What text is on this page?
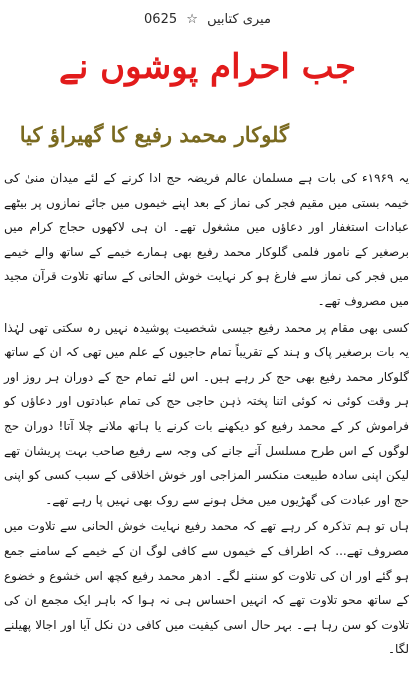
میری کتابیں ☆ 0625
جب احرام پوشوں نے
گلوکار محمد رفیع کا گھیراؤ کیا

یہ ۱۹۶۹ء کی بات ہے مسلمان عالم فریضہ حج ادا کرنے کے لئے میدان منیٰ کی خیمہ بستی میں مقیم فجر کی نماز کے بعد اپنے خیموں میں جائے نمازوں پر بیٹھے عبادات استغفار اور دعاؤں میں مشغول تھے۔ ان ہی لاکھوں حجاج کرام میں برصغیر کے نامور فلمی گلوکار محمد رفیع بھی ہمارے خیمے کے ساتھ والے خیمے میں فجر کی نماز سے فارغ ہو کر نہایت خوش الحانی کے ساتھ تلاوت قرآن مجید میں مصروف تھے۔

کسی بھی مقام پر محمد رفیع جیسی شخصیت پوشیدہ نہیں رہ سکتی تھی لہٰذا یہ بات برصغیر پاک و ہند کے تقریباً تمام حاجیوں کے علم میں تھی کہ ان کے ساتھ گلوکار محمد رفیع بھی حج کر رہے ہیں۔ اس لئے تمام حج کے دوران ہر روز اور ہر وقت کوئی نہ کوئی اتنا پختہ ذہن حاجی حج کی تمام عبادتوں اور دعاؤں کو فراموش کر کے محمد رفیع کو دیکھنے بات کرنے یا ہاتھ ملانے چلا آتا! دوران حج لوگوں کے اس طرح مسلسل آنے جانے کی وجہ سے رفیع صاحب بہت پریشان تھے لیکن اپنی سادہ طبیعت منکسر المزاجی اور خوش اخلاقی کے سبب کسی کو اپنی حج اور عبادت کی گھڑیوں میں مخل ہونے سے روک بھی نہیں پا رہے تھے۔

ہاں تو ہم تذکرہ کر رہے تھے کہ محمد رفیع نہایت خوش الحانی سے تلاوت میں مصروف تھے... کہ اطراف کے خیموں سے کافی لوگ ان کے خیمے کے سامنے جمع ہو گئے اور ان کی تلاوت کو سننے لگے۔ ادھر محمد رفیع کچھ اس خشوع و خضوع کے ساتھ محو تلاوت تھے کہ انہیں احساس ہی نہ ہوا کہ باہر ایک مجمع ان کی تلاوت کو سن رہا ہے۔ بہر حال اسی کیفیت میں کافی دن نکل آیا اور اجالا پھیلنے لگا۔
